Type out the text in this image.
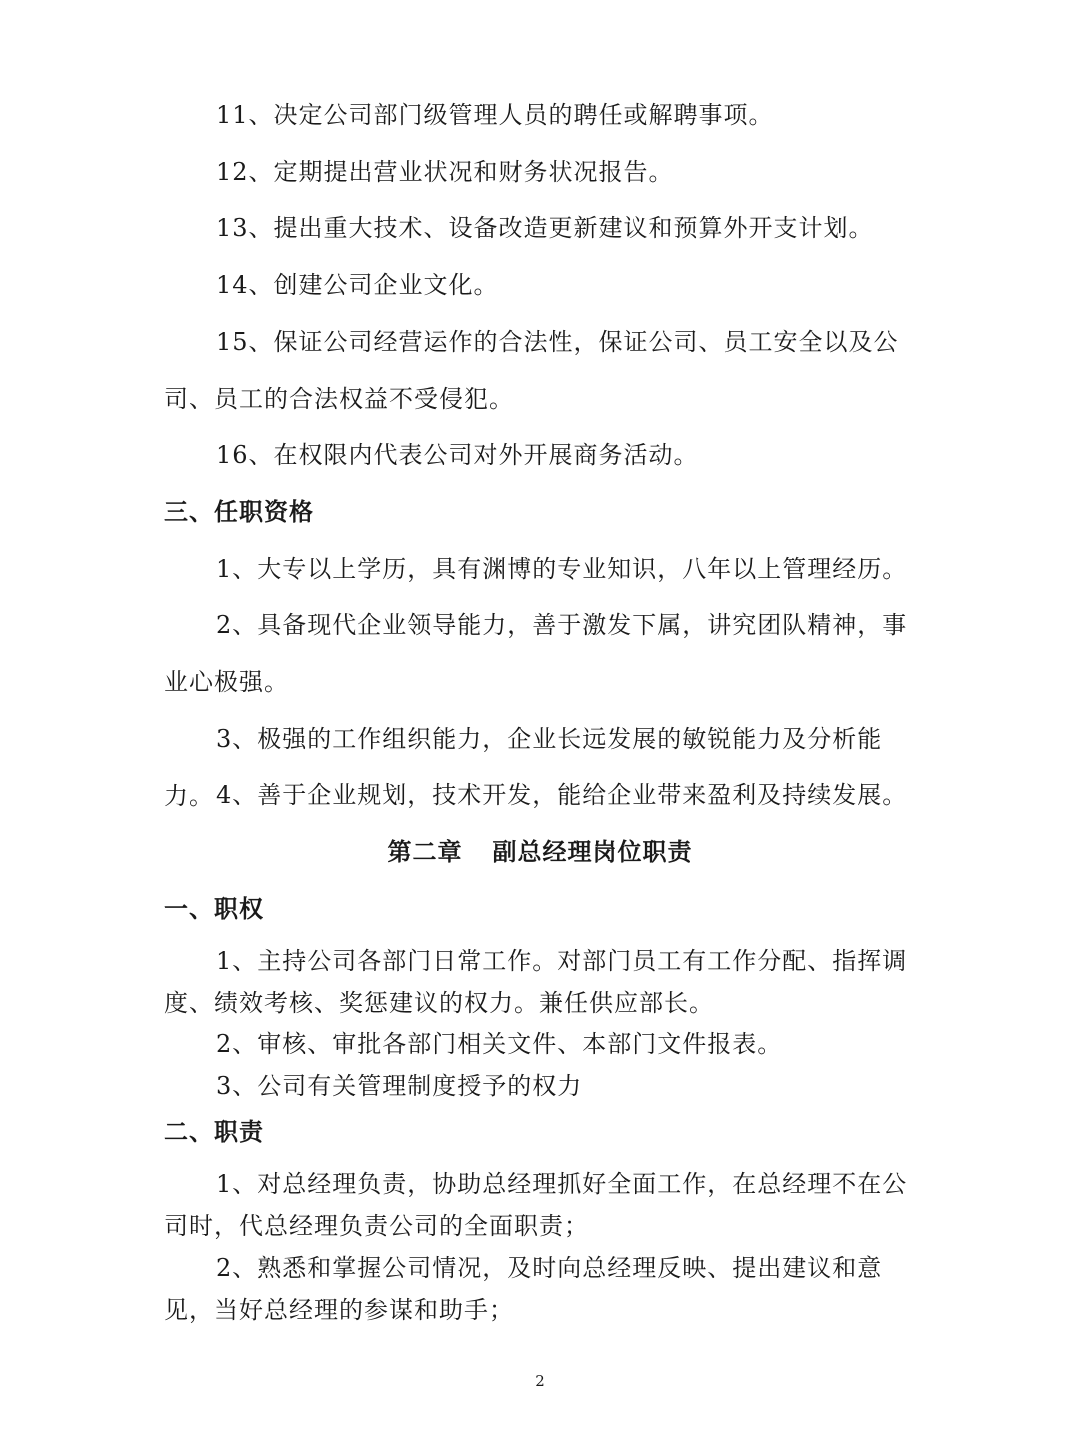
11、决定公司部门级管理人员的聘任或解聘事项。
12、定期提出营业状况和财务状况报告。
13、提出重大技术、设备改造更新建议和预算外开支计划。
14、创建公司企业文化。
15、保证公司经营运作的合法性，保证公司、员工安全以及公司、员工的合法权益不受侵犯。
16、在权限内代表公司对外开展商务活动。
三、任职资格
1、大专以上学历，具有渊博的专业知识，八年以上管理经历。
2、具备现代企业领导能力，善于激发下属，讲究团队精神，事业心极强。
3、极强的工作组织能力，企业长远发展的敏锐能力及分析能力。 4、善于企业规划，技术开发，能给企业带来盈利及持续发展。
第二章 副总经理岗位职责
一、职权
1、主持公司各部门日常工作。对部门员工有工作分配、指挥调度、绩效考核、奖惩建议的权力。兼任供应部长。
2、审核、审批各部门相关文件、本部门文件报表。
3、公司有关管理制度授予的权力
二、职责
1、对总经理负责，协助总经理抓好全面工作，在总经理不在公司时，代总经理负责公司的全面职责；
2、熟悉和掌握公司情况，及时向总经理反映、提出建议和意见，当好总经理的参谋和助手；
2
